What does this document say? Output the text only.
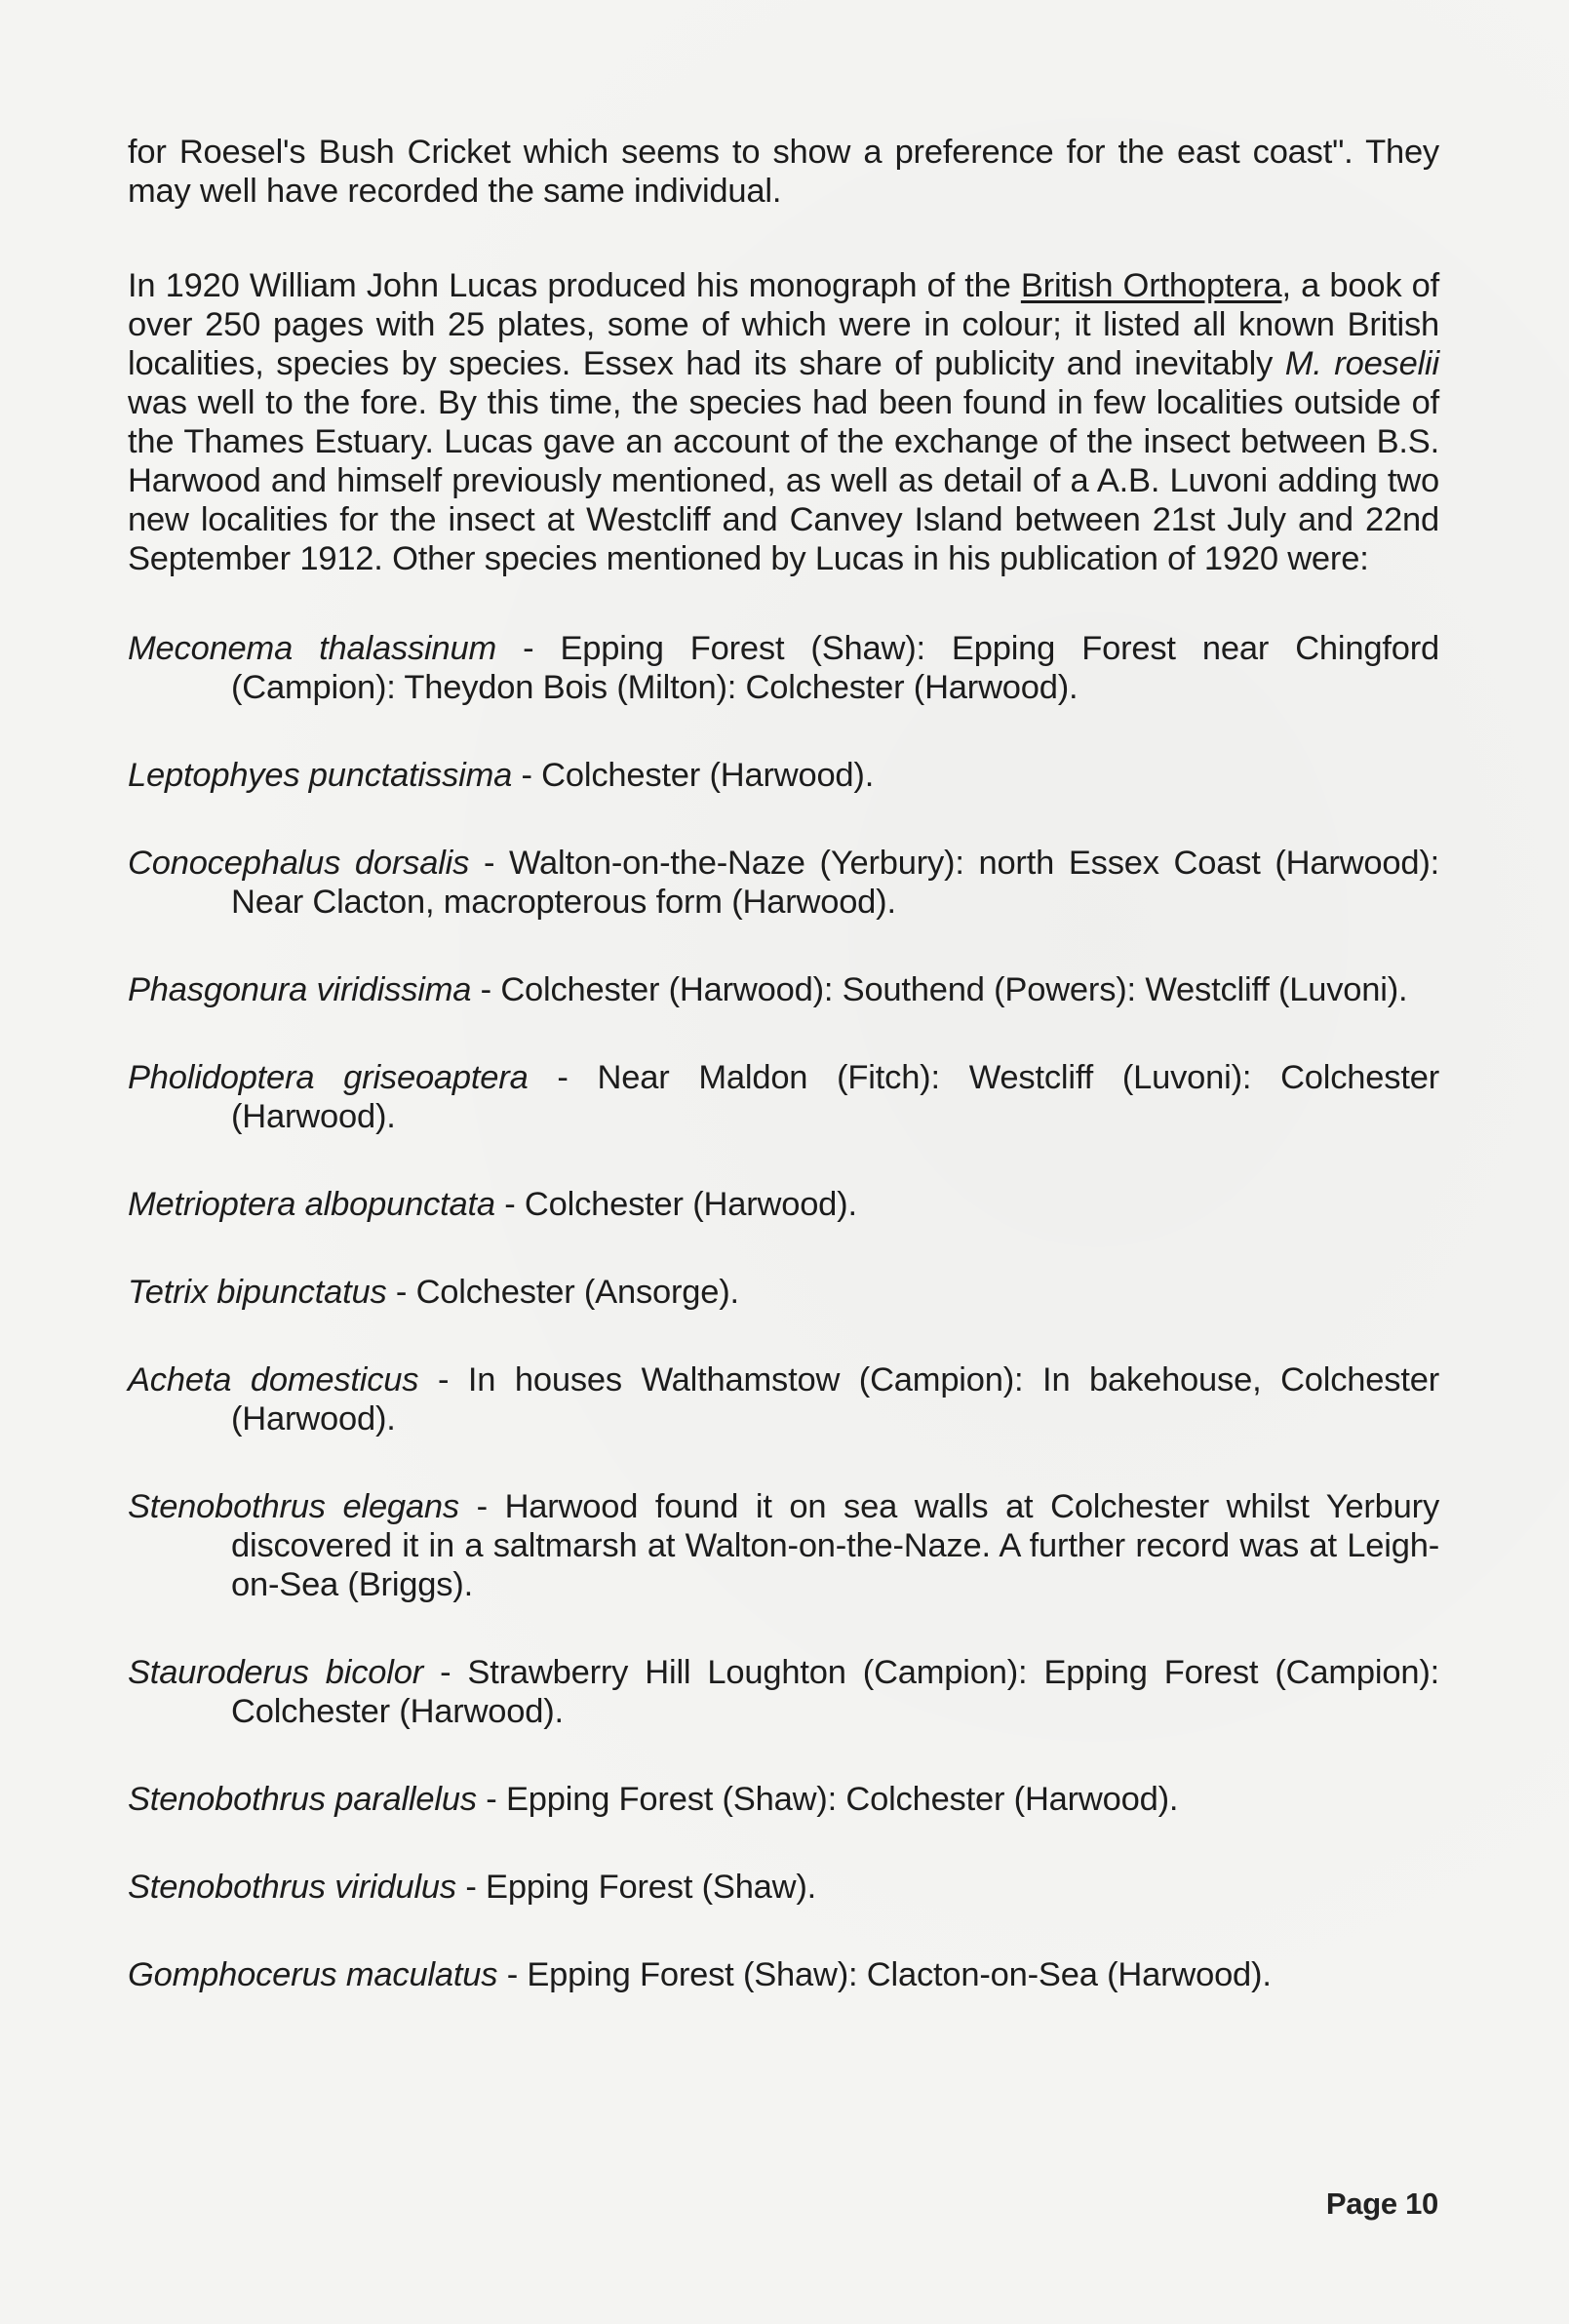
for Roesel's Bush Cricket which seems to show a preference for the east coast". They may well have recorded the same individual.

In 1920 William John Lucas produced his monograph of the British Orthoptera, a book of over 250 pages with 25 plates, some of which were in colour; it listed all known British localities, species by species. Essex had its share of publicity and inevitably M. roeselii was well to the fore. By this time, the species had been found in few localities outside of the Thames Estuary. Lucas gave an account of the exchange of the insect between B.S. Harwood and himself previously mentioned, as well as detail of a A.B. Luvoni adding two new localities for the insect at Westcliff and Canvey Island between 21st July and 22nd September 1912. Other species mentioned by Lucas in his publication of 1920 were:

Meconema thalassinum - Epping Forest (Shaw): Epping Forest near Chingford (Campion): Theydon Bois (Milton): Colchester (Harwood).

Leptophyes punctatissima - Colchester (Harwood).

Conocephalus dorsalis - Walton-on-the-Naze (Yerbury): north Essex Coast (Harwood): Near Clacton, macropterous form (Harwood).

Phasgonura viridissima - Colchester (Harwood): Southend (Powers): Westcliff (Luvoni).

Pholidoptera griseoaptera - Near Maldon (Fitch): Westcliff (Luvoni): Colchester (Harwood).

Metrioptera albopunctata - Colchester (Harwood).

Tetrix bipunctatus - Colchester (Ansorge).

Acheta domesticus - In houses Walthamstow (Campion): In bakehouse, Colchester (Harwood).

Stenobothrus elegans - Harwood found it on sea walls at Colchester whilst Yerbury discovered it in a saltmarsh at Walton-on-the-Naze. A further record was at Leigh-on-Sea (Briggs).

Stauroderus bicolor - Strawberry Hill Loughton (Campion): Epping Forest (Campion): Colchester (Harwood).

Stenobothrus parallelus - Epping Forest (Shaw): Colchester (Harwood).

Stenobothrus viridulus - Epping Forest (Shaw).

Gomphocerus maculatus - Epping Forest (Shaw): Clacton-on-Sea (Harwood).

Page 10
